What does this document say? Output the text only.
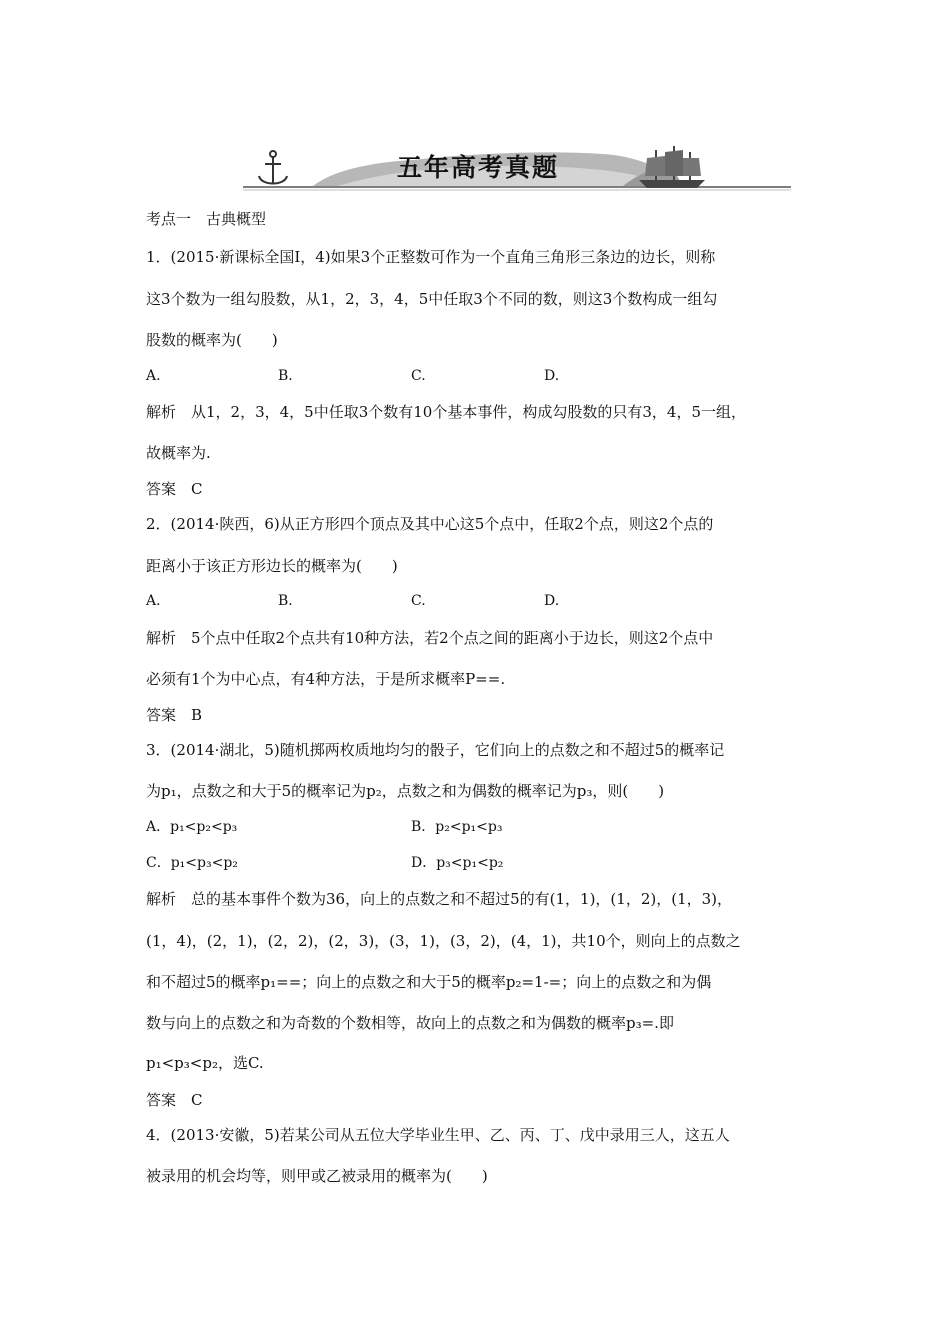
五年高考真题
考点一　古典概型
1．(2015·新课标全国Ⅰ，4)如果3个正整数可作为一个直角三角形三条边的边长，则称
这3个数为一组勾股数，从1，2，3，4，5中任取3个不同的数，则这3个数构成一组勾
股数的概率为(　　)
A.	B.	C.	D.
解析　从1，2，3，4，5中任取3个数有10个基本事件，构成勾股数的只有3，4，5一组，
故概率为.
答案　C
2．(2014·陕西，6)从正方形四个顶点及其中心这5个点中，任取2个点，则这2个点的
距离小于该正方形边长的概率为(　　)
A.	B.	C.	D.
解析　5个点中任取2个点共有10种方法，若2个点之间的距离小于边长，则这2个点中
必须有1个为中心点，有4种方法，于是所求概率P==.
答案　B
3．(2014·湖北，5)随机掷两枚质地均匀的骰子，它们向上的点数之和不超过5的概率记
为p₁，点数之和大于5的概率记为p₂，点数之和为偶数的概率记为p₃，则(　　)
A．p₁<p₂<p₃	B．p₂<p₁<p₃
C．p₁<p₃<p₂	D．p₃<p₁<p₂
解析　总的基本事件个数为36，向上的点数之和不超过5的有(1，1)，(1，2)，(1，3)，
(1，4)，(2，1)，(2，2)，(2，3)，(3，1)，(3，2)，(4，1)，共10个，则向上的点数之
和不超过5的概率p₁==；向上的点数之和大于5的概率p₂=1-=；向上的点数之和为偶
数与向上的点数之和为奇数的个数相等，故向上的点数之和为偶数的概率p₃=.即
p₁<p₃<p₂，选C.
答案　C
4．(2013·安徽，5)若某公司从五位大学毕业生甲、乙、丙、丁、戊中录用三人，这五人
被录用的机会均等，则甲或乙被录用的概率为(　　)
